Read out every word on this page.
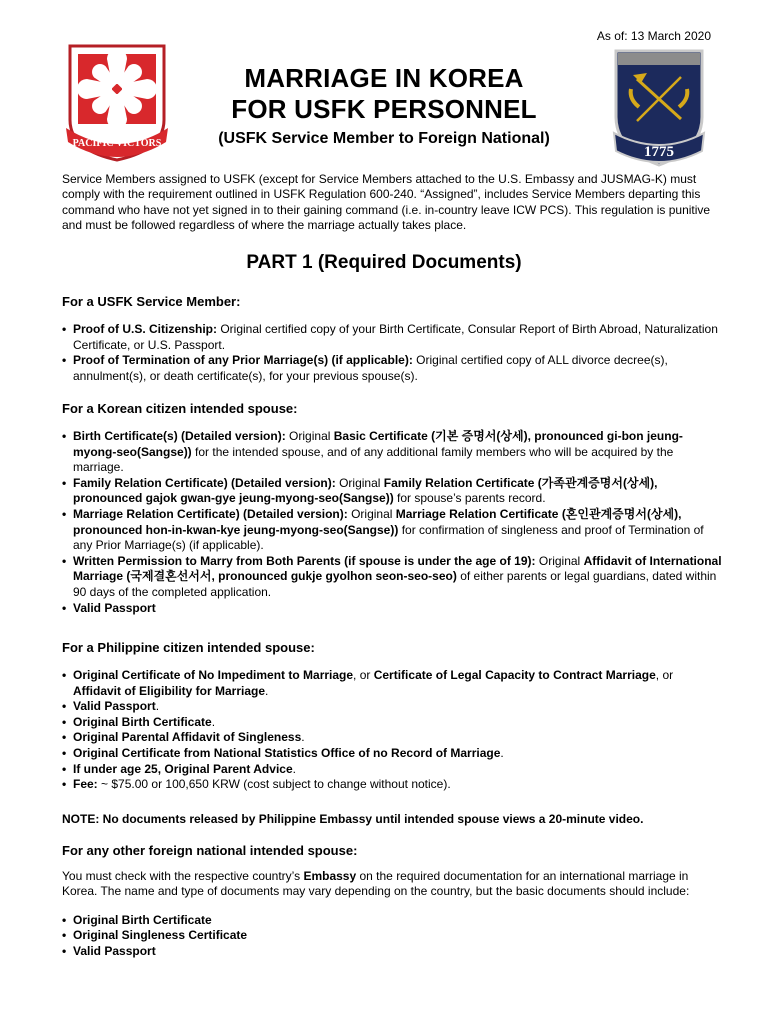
As of: 13 March 2020
PACIFIC VICTORS
1775
MARRIAGE IN KOREA
FOR USFK PERSONNEL
(USFK Service Member to Foreign National)

Service Members assigned to USFK (except for Service Members attached to the U.S. Embassy and JUSMAG-K) must comply with the requirement outlined in USFK Regulation 600-240. “Assigned”, includes Service Members departing this command who have not yet signed in to their gaining command (i.e. in-country leave ICW PCS). This regulation is punitive and must be followed regardless of where the marriage actually takes place.

PART 1 (Required Documents)
For a USFK Service Member:
• Proof of U.S. Citizenship: Original certified copy of your Birth Certificate, Consular Report of Birth Abroad, Naturalization Certificate, or U.S. Passport.
• Proof of Termination of any Prior Marriage(s) (if applicable): Original certified copy of ALL divorce decree(s), annulment(s), or death certificate(s), for your previous spouse(s).
For a Korean citizen intended spouse:
• Birth Certificate(s) (Detailed version): Original Basic Certificate (기본 증명서(상세), pronounced gi-bon jeung-myong-seo(Sangse)) for the intended spouse, and of any additional family members who will be acquired by the marriage.
• Family Relation Certificate) (Detailed version): Original Family Relation Certificate (가족관계증명서(상세), pronounced gajok gwan-gye jeung-myong-seo(Sangse)) for spouse’s parents record.
• Marriage Relation Certificate) (Detailed version): Original Marriage Relation Certificate (혼인관계증명서(상세), pronounced hon-in-kwan-kye jeung-myong-seo(Sangse)) for confirmation of singleness and proof of Termination of any Prior Marriage(s) (if applicable).
• Written Permission to Marry from Both Parents (if spouse is under the age of 19): Original Affidavit of International Marriage (국제결혼선서서, pronounced gukje gyolhon seon-seo-seo) of either parents or legal guardians, dated within 90 days of the completed application.
• Valid Passport
For a Philippine citizen intended spouse:
• Original Certificate of No Impediment to Marriage, or Certificate of Legal Capacity to Contract Marriage, or Affidavit of Eligibility for Marriage.
• Valid Passport.
• Original Birth Certificate.
• Original Parental Affidavit of Singleness.
• Original Certificate from National Statistics Office of no Record of Marriage.
• If under age 25, Original Parent Advice.
• Fee: ~ $75.00 or 100,650 KRW (cost subject to change without notice).
NOTE: No documents released by Philippine Embassy until intended spouse views a 20-minute video.
For any other foreign national intended spouse:

You must check with the respective country’s Embassy on the required documentation for an international marriage in Korea. The name and type of documents may vary depending on the country, but the basic documents should include:

• Original Birth Certificate
• Original Singleness Certificate
• Valid Passport
